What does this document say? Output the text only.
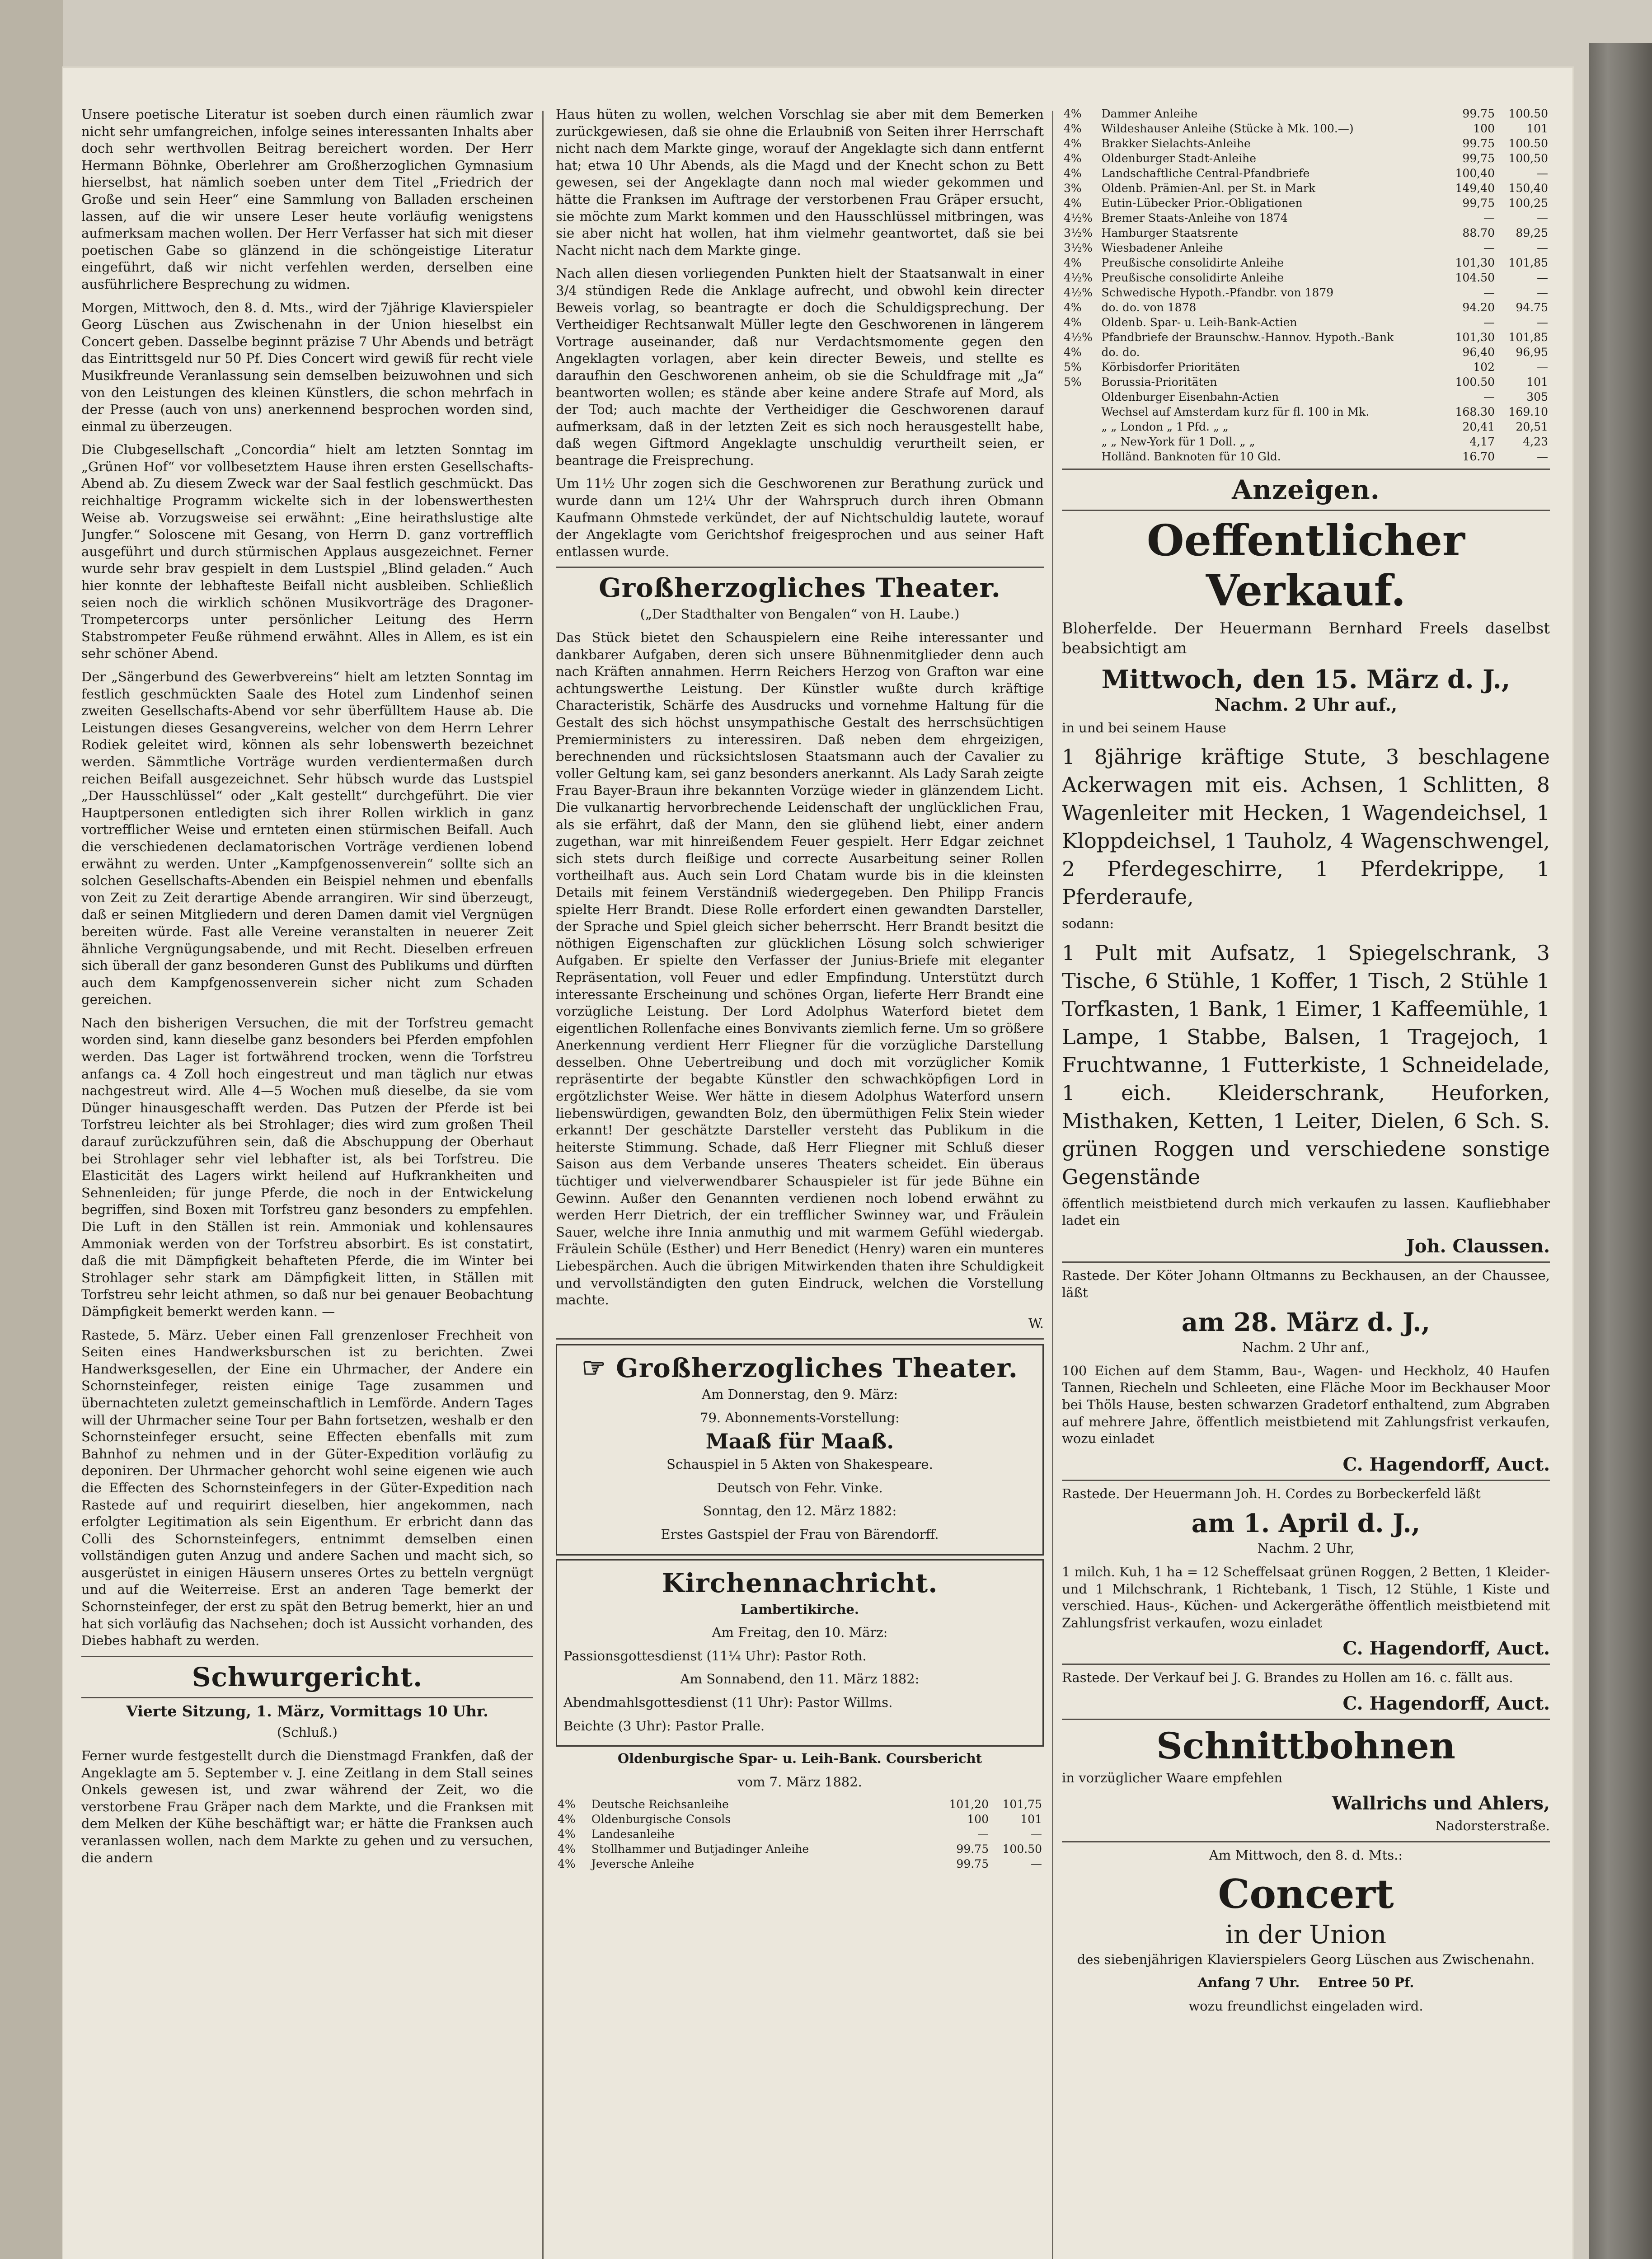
Unsere poetische Literatur ist soeben durch einen räumlich zwar nicht sehr umfangreichen, infolge seines interessanten Inhalts aber doch sehr werthvollen Beitrag bereichert worden. Der Herr Hermann Böhnke, Oberlehrer am Großherzoglichen Gymnasium hierselbst, hat nämlich soeben unter dem Titel „Friedrich der Große und sein Heer“ eine Sammlung von Balladen erscheinen lassen, auf die wir unsere Leser heute vorläufig wenigstens aufmerksam machen wollen. Der Herr Verfasser hat sich mit dieser poetischen Gabe so glänzend in die schöngeistige Literatur eingeführt, daß wir nicht verfehlen werden, derselben eine ausführlichere Besprechung zu widmen.

Morgen, Mittwoch, den 8. d. Mts., wird der 7jährige Klavierspieler Georg Lüschen aus Zwischenahn in der Union hieselbst ein Concert geben. Dasselbe beginnt präzise 7 Uhr Abends und beträgt das Eintrittsgeld nur 50 Pf. Dies Concert wird gewiß für recht viele Musikfreunde Veranlassung sein demselben beizuwohnen und sich von den Leistungen des kleinen Künstlers, die schon mehrfach in der Presse (auch von uns) anerkennend besprochen worden sind, einmal zu überzeugen.

Die Clubgesellschaft „Concordia“ hielt am letzten Sonntag im „Grünen Hof“ vor vollbesetztem Hause ihren ersten Gesellschafts-Abend ab. Zu diesem Zweck war der Saal festlich geschmückt. Das reichhaltige Programm wickelte sich in der lobenswerthesten Weise ab. Vorzugsweise sei erwähnt: „Eine heirathslustige alte Jungfer.“ Soloscene mit Gesang, von Herrn D. ganz vortrefflich ausgeführt und durch stürmischen Applaus ausgezeichnet. Ferner wurde sehr brav gespielt in dem Lustspiel „Blind geladen.“ Auch hier konnte der lebhafteste Beifall nicht ausbleiben. Schließlich seien noch die wirklich schönen Musikvorträge des Dragoner-Trompetercorps unter persönlicher Leitung des Herrn Stabstrompeter Feuße rühmend erwähnt. Alles in Allem, es ist ein sehr schöner Abend.

Der „Sängerbund des Gewerbvereins“ hielt am letzten Sonntag im festlich geschmückten Saale des Hotel zum Lindenhof seinen zweiten Gesellschafts-Abend vor sehr überfülltem Hause ab. Die Leistungen dieses Gesangvereins, welcher von dem Herrn Lehrer Rodiek geleitet wird, können als sehr lobenswerth bezeichnet werden. Sämmtliche Vorträge wurden verdientermaßen durch reichen Beifall ausgezeichnet. Sehr hübsch wurde das Lustspiel „Der Hausschlüssel“ oder „Kalt gestellt“ durchgeführt. Die vier Hauptpersonen entledigten sich ihrer Rollen wirklich in ganz vortrefflicher Weise und ernteten einen stürmischen Beifall. Auch die verschiedenen declamatorischen Vorträge verdienen lobend erwähnt zu werden. Unter „Kampfgenossenverein“ sollte sich an solchen Gesellschafts-Abenden ein Beispiel nehmen und ebenfalls von Zeit zu Zeit derartige Abende arrangiren. Wir sind überzeugt, daß er seinen Mitgliedern und deren Damen damit viel Vergnügen bereiten würde. Fast alle Vereine veranstalten in neuerer Zeit ähnliche Vergnügungsabende, und mit Recht. Dieselben erfreuen sich überall der ganz besonderen Gunst des Publikums und dürften auch dem Kampfgenossenverein sicher nicht zum Schaden gereichen.

Nach den bisherigen Versuchen, die mit der Torfstreu gemacht worden sind, kann dieselbe ganz besonders bei Pferden empfohlen werden. Das Lager ist fortwährend trocken, wenn die Torfstreu anfangs ca. 4 Zoll hoch eingestreut und man täglich nur etwas nachgestreut wird. Alle 4—5 Wochen muß dieselbe, da sie vom Dünger hinausgeschafft werden. Das Putzen der Pferde ist bei Torfstreu leichter als bei Strohlager; dies wird zum großen Theil darauf zurückzuführen sein, daß die Abschuppung der Oberhaut bei Strohlager sehr viel lebhafter ist, als bei Torfstreu. Die Elasticität des Lagers wirkt heilend auf Hufkrankheiten und Sehnenleiden; für junge Pferde, die noch in der Entwickelung begriffen, sind Boxen mit Torfstreu ganz besonders zu empfehlen. Die Luft in den Ställen ist rein. Ammoniak und kohlensaures Ammoniak werden von der Torfstreu absorbirt. Es ist constatirt, daß die mit Dämpfigkeit behafteten Pferde, die im Winter bei Strohlager sehr stark am Dämpfigkeit litten, in Ställen mit Torfstreu sehr leicht athmen, so daß nur bei genauer Beobachtung Dämpfigkeit bemerkt werden kann. —

Rastede, 5. März. Ueber einen Fall grenzenloser Frechheit von Seiten eines Handwerksburschen ist zu berichten. Zwei Handwerksgesellen, der Eine ein Uhrmacher, der Andere ein Schornsteinfeger, reisten einige Tage zusammen und übernachteten zuletzt gemeinschaftlich in Lemförde. Andern Tages will der Uhrmacher seine Tour per Bahn fortsetzen, weshalb er den Schornsteinfeger ersucht, seine Effecten ebenfalls mit zum Bahnhof zu nehmen und in der Güter-Expedition vorläufig zu deponiren. Der Uhrmacher gehorcht wohl seine eigenen wie auch die Effecten des Schornsteinfegers in der Güter-Expedition nach Rastede auf und requirirt dieselben, hier angekommen, nach erfolgter Legitimation als sein Eigenthum. Er erbricht dann das Colli des Schornsteinfegers, entnimmt demselben einen vollständigen guten Anzug und andere Sachen und macht sich, so ausgerüstet in einigen Häusern unseres Ortes zu betteln vergnügt und auf die Weiterreise. Erst an anderen Tage bemerkt der Schornsteinfeger, der erst zu spät den Betrug bemerkt, hier an und hat sich vorläufig das Nachsehen; doch ist Aussicht vorhanden, des Diebes habhaft zu werden.

Schwurgericht.

Vierte Sitzung, 1. März, Vormittags 10 Uhr.

(Schluß.)

Ferner wurde festgestellt durch die Dienstmagd Frankfen, daß der Angeklagte am 5. September v. J. eine Zeitlang in dem Stall seines Onkels gewesen ist, und zwar während der Zeit, wo die verstorbene Frau Gräper nach dem Markte, und die Franksen mit dem Melken der Kühe beschäftigt war; er hätte die Franksen auch veranlassen wollen, nach dem Markte zu gehen und zu versuchen, die andern

Haus hüten zu wollen, welchen Vorschlag sie aber mit dem Bemerken zurückgewiesen, daß sie ohne die Erlaubniß von Seiten ihrer Herrschaft nicht nach dem Markte ginge, worauf der Angeklagte sich dann entfernt hat; etwa 10 Uhr Abends, als die Magd und der Knecht schon zu Bett gewesen, sei der Angeklagte dann noch mal wieder gekommen und hätte die Franksen im Auftrage der verstorbenen Frau Gräper ersucht, sie möchte zum Markt kommen und den Hausschlüssel mitbringen, was sie aber nicht hat wollen, hat ihm vielmehr geantwortet, daß sie bei Nacht nicht nach dem Markte ginge.

Nach allen diesen vorliegenden Punkten hielt der Staatsanwalt in einer 3/4 stündigen Rede die Anklage aufrecht, und obwohl kein directer Beweis vorlag, so beantragte er doch die Schuldigsprechung. Der Vertheidiger Rechtsanwalt Müller legte den Geschworenen in längerem Vortrage auseinander, daß nur Verdachtsmomente gegen den Angeklagten vorlagen, aber kein directer Beweis, und stellte es daraufhin den Geschworenen anheim, ob sie die Schuldfrage mit „Ja“ beantworten wollen; es stände aber keine andere Strafe auf Mord, als der Tod; auch machte der Vertheidiger die Geschworenen darauf aufmerksam, daß in der letzten Zeit es sich noch herausgestellt habe, daß wegen Giftmord Angeklagte unschuldig verurtheilt seien, er beantrage die Freisprechung.

Um 11½ Uhr zogen sich die Geschworenen zur Berathung zurück und wurde dann um 12¼ Uhr der Wahrspruch durch ihren Obmann Kaufmann Ohmstede verkündet, der auf Nichtschuldig lautete, worauf der Angeklagte vom Gerichtshof freigesprochen und aus seiner Haft entlassen wurde.

Großherzogliches Theater.

(„Der Stadthalter von Bengalen“ von H. Laube.)

Das Stück bietet den Schauspielern eine Reihe interessanter und dankbarer Aufgaben, deren sich unsere Bühnenmitglieder denn auch nach Kräften annahmen. Herrn Reichers Herzog von Grafton war eine achtungswerthe Leistung. Der Künstler wußte durch kräftige Characteristik, Schärfe des Ausdrucks und vornehme Haltung für die Gestalt des sich höchst unsympathische Gestalt des herrschsüchtigen Premierministers zu interessiren. Daß neben dem ehrgeizigen, berechnenden und rücksichtslosen Staatsmann auch der Cavalier zu voller Geltung kam, sei ganz besonders anerkannt. Als Lady Sarah zeigte Frau Bayer-Braun ihre bekannten Vorzüge wieder in glänzendem Licht. Die vulkanartig hervorbrechende Leidenschaft der unglücklichen Frau, als sie erfährt, daß der Mann, den sie glühend liebt, einer andern zugethan, war mit hinreißendem Feuer gespielt. Herr Edgar zeichnet sich stets durch fleißige und correcte Ausarbeitung seiner Rollen vortheilhaft aus. Auch sein Lord Chatam wurde bis in die kleinsten Details mit feinem Verständniß wiedergegeben. Den Philipp Francis spielte Herr Brandt. Diese Rolle erfordert einen gewandten Darsteller, der Sprache und Spiel gleich sicher beherrscht. Herr Brandt besitzt die nöthigen Eigenschaften zur glücklichen Lösung solch schwieriger Aufgaben. Er spielte den Verfasser der Junius-Briefe mit eleganter Repräsentation, voll Feuer und edler Empfindung. Unterstützt durch interessante Erscheinung und schönes Organ, lieferte Herr Brandt eine vorzügliche Leistung. Der Lord Adolphus Waterford bietet dem eigentlichen Rollenfache eines Bonvivants ziemlich ferne. Um so größere Anerkennung verdient Herr Fliegner für die vorzügliche Darstellung desselben. Ohne Uebertreibung und doch mit vorzüglicher Komik repräsentirte der begabte Künstler den schwachköpfigen Lord in ergötzlichster Weise. Wer hätte in diesem Adolphus Waterford unsern liebenswürdigen, gewandten Bolz, den übermüthigen Felix Stein wieder erkannt! Der geschätzte Darsteller versteht das Publikum in die heiterste Stimmung. Schade, daß Herr Fliegner mit Schluß dieser Saison aus dem Verbande unseres Theaters scheidet. Ein überaus tüchtiger und vielverwendbarer Schauspieler ist für jede Bühne ein Gewinn. Außer den Genannten verdienen noch lobend erwähnt zu werden Herr Dietrich, der ein trefflicher Swinney war, und Fräulein Sauer, welche ihre Innia anmuthig und mit warmem Gefühl wiedergab. Fräulein Schüle (Esther) und Herr Benedict (Henry) waren ein munteres Liebespärchen. Auch die übrigen Mitwirkenden thaten ihre Schuldigkeit und vervollständigten den guten Eindruck, welchen die Vorstellung machte.

W.

☞ Großherzogliches Theater.

Am Donnerstag, den 9. März:

79. Abonnements-Vorstellung:

Maaß für Maaß.

Schauspiel in 5 Akten von Shakespeare.

Deutsch von Fehr. Vinke.

Sonntag, den 12. März 1882:

Erstes Gastspiel der Frau von Bärendorff.

Kirchennachricht.

Lambertikirche.

Am Freitag, den 10. März:

Passionsgottesdienst (11¼ Uhr): Pastor Roth.

Am Sonnabend, den 11. März 1882:

Abendmahlsgottesdienst (11 Uhr): Pastor Willms.

Beichte (3 Uhr): Pastor Pralle.

Oldenburgische Spar- u. Leih-Bank. Coursbericht

vom 7. März 1882.

4%	Deutsche Reichsanleihe	101,20	101,75
4%	Oldenburgische Consols	100	101
4%	Landesanleihe	—	—
4%	Stollhammer und Butjadinger Anleihe	99.75	100.50
4%	Jeversche Anleihe	99.75	—
4%	Dammer Anleihe	99.75	100.50
4%	Wildeshauser Anleihe (Stücke à Mk. 100.—)	100	101
4%	Brakker Sielachts-Anleihe	99.75	100.50
4%	Oldenburger Stadt-Anleihe	99,75	100,50
4%	Landschaftliche Central-Pfandbriefe	100,40	—
3%	Oldenb. Prämien-Anl. per St. in Mark	149,40	150,40
4%	Eutin-Lübecker Prior.-Obligationen	99,75	100,25
4½%	Bremer Staats-Anleihe von 1874	—	—
3½%	Hamburger Staatsrente	88.70	89,25
3½%	Wiesbadener Anleihe	—	—
4%	Preußische consolidirte Anleihe	101,30	101,85
4½%	Preußische consolidirte Anleihe	104.50	—
4½%	Schwedische Hypoth.-Pfandbr. von 1879	—	—
4%	do. do. von 1878	94.20	94.75
4%	Oldenb. Spar- u. Leih-Bank-Actien	—	—
4½%	Pfandbriefe der Braunschw.-Hannov. Hypoth.-Bank	101,30	101,85
4%	do. do.	96,40	96,95
5%	Körbisdorfer Prioritäten	102	—
5%	Borussia-Prioritäten	100.50	101
	Oldenburger Eisenbahn-Actien	—	305
	Wechsel auf Amsterdam kurz für fl. 100 in Mk.	168.30	169.10
	„ „ London „ 1 Pfd. „ „	20,41	20,51
	„ „ New-York für 1 Doll. „ „	4,17	4,23
	Holländ. Banknoten für 10 Gld.	16.70	—
Anzeigen.
Oeffentlicher Verkauf.

Bloherfelde. Der Heuermann Bernhard Freels daselbst beabsichtigt am

Mittwoch, den 15. März d. J.,

Nachm. 2 Uhr auf.,

in und bei seinem Hause

1 8jährige kräftige Stute, 3 beschlagene Ackerwagen mit eis. Achsen, 1 Schlitten, 8 Wagenleiter mit Hecken, 1 Wagendeichsel, 1 Kloppdeichsel, 1 Tauholz, 4 Wagenschwengel, 2 Pferdegeschirre, 1 Pferdekrippe, 1 Pferderaufe,

sodann:

1 Pult mit Aufsatz, 1 Spiegelschrank, 3 Tische, 6 Stühle, 1 Koffer, 1 Tisch, 2 Stühle 1 Torfkasten, 1 Bank, 1 Eimer, 1 Kaffeemühle, 1 Lampe, 1 Stabbe, Balsen, 1 Tragejoch, 1 Fruchtwanne, 1 Futterkiste, 1 Schneidelade, 1 eich. Kleiderschrank, Heuforken, Misthaken, Ketten, 1 Leiter, Dielen, 6 Sch. S. grünen Roggen und verschiedene sonstige Gegenstände

öffentlich meistbietend durch mich verkaufen zu lassen. Kaufliebhaber ladet ein

Joh. Claussen.

Rastede. Der Köter Johann Oltmanns zu Beckhausen, an der Chaussee, läßt

am 28. März d. J.,

Nachm. 2 Uhr anf.,

100 Eichen auf dem Stamm, Bau-, Wagen- und Heckholz, 40 Haufen Tannen, Riecheln und Schleeten, eine Fläche Moor im Beckhauser Moor bei Thöls Hause, besten schwarzen Gradetorf enthaltend, zum Abgraben auf mehrere Jahre, öffentlich meistbietend mit Zahlungsfrist verkaufen, wozu einladet

C. Hagendorff, Auct.

Rastede. Der Heuermann Joh. H. Cordes zu Borbeckerfeld läßt

am 1. April d. J.,

Nachm. 2 Uhr,

1 milch. Kuh, 1 ha = 12 Scheffelsaat grünen Roggen, 2 Betten, 1 Kleider- und 1 Milchschrank, 1 Richtebank, 1 Tisch, 12 Stühle, 1 Kiste und verschied. Haus-, Küchen- und Ackergeräthe öffentlich meistbietend mit Zahlungsfrist verkaufen, wozu einladet

C. Hagendorff, Auct.

Rastede. Der Verkauf bei J. G. Brandes zu Hollen am 16. c. fällt aus.

C. Hagendorff, Auct.
Schnittbohnen

in vorzüglicher Waare empfehlen

Wallrichs und Ahlers,

Nadorsterstraße.

Am Mittwoch, den 8. d. Mts.:

Concert
in der Union

des siebenjährigen Klavierspielers Georg Lüschen aus Zwischenahn.

Anfang 7 Uhr. Entree 50 Pf.

wozu freundlichst eingeladen wird.
